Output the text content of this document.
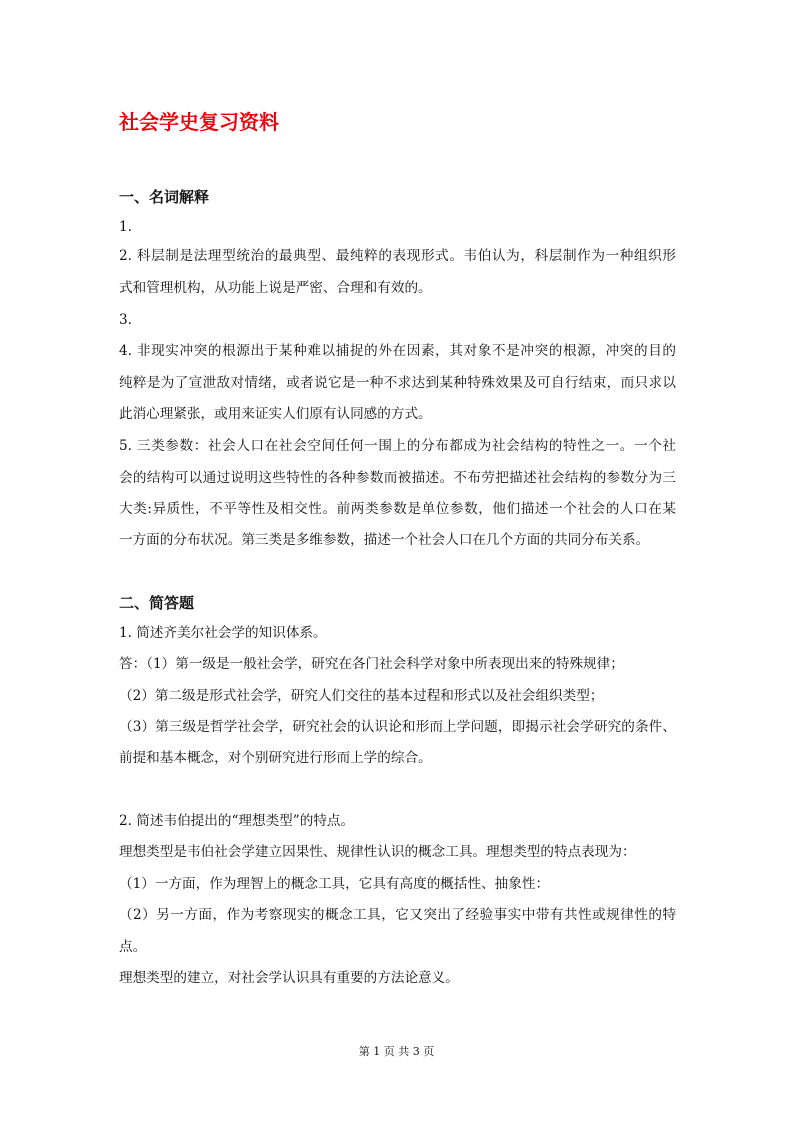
社会学史复习资料
一、名词解释
1.
2. 科层制是法理型统治的最典型、最纯粹的表现形式。韦伯认为，科层制作为一种组织形
式和管理机构，从功能上说是严密、合理和有效的。
3.
4. 非现实冲突的根源出于某种难以捕捉的外在因素，其对象不是冲突的根源，冲突的目的
纯粹是为了宣泄敌对情绪，或者说它是一种不求达到某种特殊效果及可自行结束，而只求以
此消心理紧张，或用来证实人们原有认同感的方式。
5. 三类参数：社会人口在社会空间任何一围上的分布都成为社会结构的特性之一。一个社
会的结构可以通过说明这些特性的各种参数而被描述。不布劳把描述社会结构的参数分为三
大类:异质性，不平等性及相交性。前两类参数是单位参数，他们描述一个社会的人口在某
一方面的分布状况。第三类是多维参数，描述一个社会人口在几个方面的共同分布关系。
二、简答题
1. 简述齐美尔社会学的知识体系。
答：（1）第一级是一般社会学，研究在各门社会科学对象中所表现出来的特殊规律；
（2）第二级是形式社会学，研究人们交往的基本过程和形式以及社会组织类型；
（3）第三级是哲学社会学，研究社会的认识论和形而上学问题，即揭示社会学研究的条件、
前提和基本概念，对个别研究进行形而上学的综合。
2. 简述韦伯提出的“理想类型”的特点。
理想类型是韦伯社会学建立因果性、规律性认识的概念工具。理想类型的特点表现为：
（1）一方面，作为理智上的概念工具，它具有高度的概括性、抽象性：
（2）另一方面，作为考察现实的概念工具，它又突出了经验事实中带有共性或规律性的特
点。
理想类型的建立，对社会学认识具有重要的方法论意义。
第 1 页 共 3 页
